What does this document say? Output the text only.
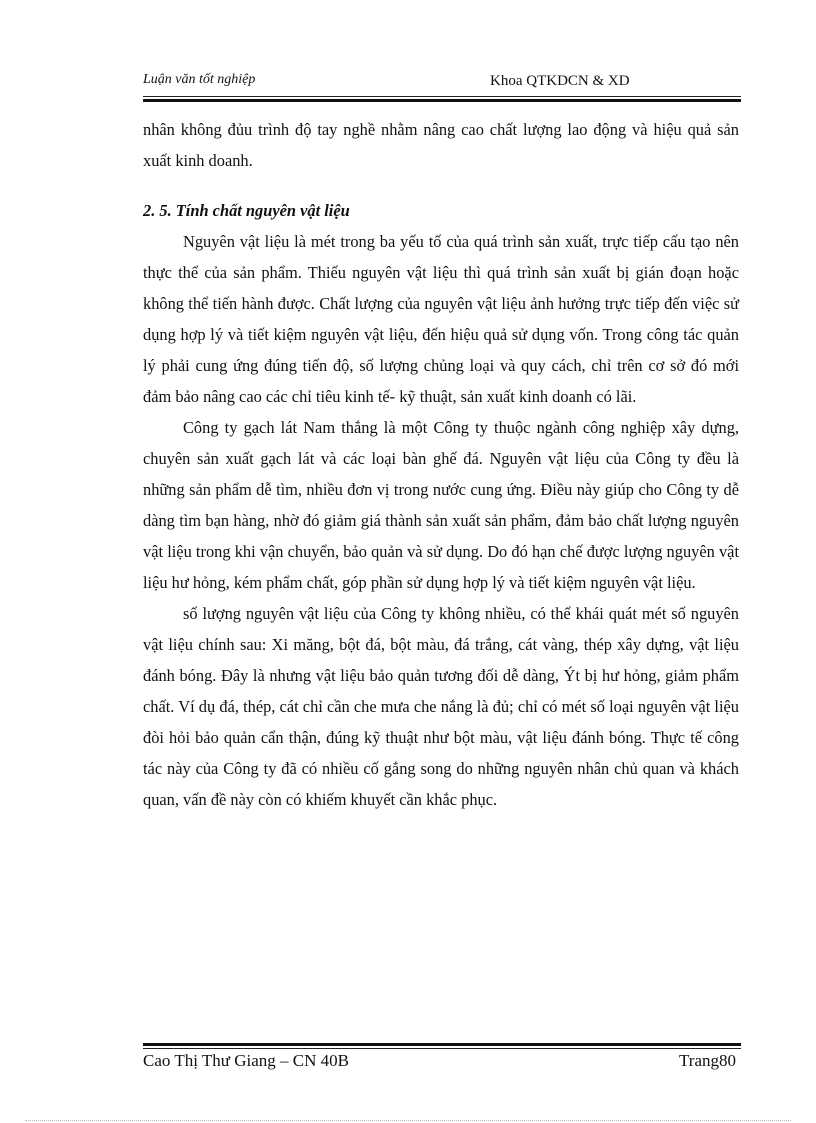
Luận văn tốt nghiệp	Khoa QTKDCN & XD

nhân không đủu trình độ tay nghề nhằm nâng cao chất lượng lao động và hiệu quả sản xuất kinh doanh.

2. 5. Tính chất nguyên vật liệu

Nguyên vật liệu là mét trong ba yếu tố của quá trình sản xuất, trực tiếp cấu tạo nên thực thể của sản phẩm. Thiếu nguyên vật liệu thì quá trình sản xuất bị gián đoạn hoặc không thể tiến hành được. Chất lượng của nguyên vật liệu ảnh hưởng trực tiếp đến việc sử dụng hợp lý và tiết kiệm nguyên vật liệu, đến hiệu quả sử dụng vốn. Trong công tác quản lý phải cung ứng đúng tiến độ, số lượng chủng loại và quy cách, chỉ trên cơ sở đó mới đảm bảo nâng cao các chỉ tiêu kinh tế- kỹ thuật, sản xuất kinh doanh có lãi.

Công ty gạch lát Nam thắng là một Công ty thuộc ngành công nghiệp xây dựng, chuyên sản xuất gạch lát và các loại bàn ghế đá. Nguyên vật liệu của Công ty đều là những sản phẩm dễ tìm, nhiều đơn vị trong nước cung ứng. Điều này giúp cho Công ty dễ dàng tìm bạn hàng, nhờ đó giảm giá thành sản xuất sản phẩm, đảm bảo chất lượng nguyên vật liệu trong khi vận chuyển, bảo quản và sử dụng. Do đó hạn chế được lượng nguyên vật liệu hư hỏng, kém phẩm chất, góp phần sử dụng hợp lý và tiết kiệm nguyên vật liệu.

số lượng nguyên vật liệu của Công ty không nhiều, có thể khái quát mét số nguyên vật liệu chính sau: Xi măng, bột đá, bột màu, đá trắng, cát vàng, thép xây dựng, vật liệu đánh bóng. Đây là nhưng vật liệu bảo quản tương đối dễ dàng, Ýt bị hư hỏng, giảm phẩm chất. Ví dụ đá, thép, cát chỉ cần che mưa che nắng là đủ; chỉ có mét số loại nguyên vật liệu đòi hỏi bảo quản cẩn thận, đúng kỹ thuật như bột màu, vật liệu đánh bóng. Thực tế công tác này của Công ty đã có nhiều cố gắng song do những nguyên nhân chủ quan và khách quan, vấn đề này còn có khiếm khuyết cần khắc phục.

Cao Thị Thư Giang – CN 40B	Trang80
